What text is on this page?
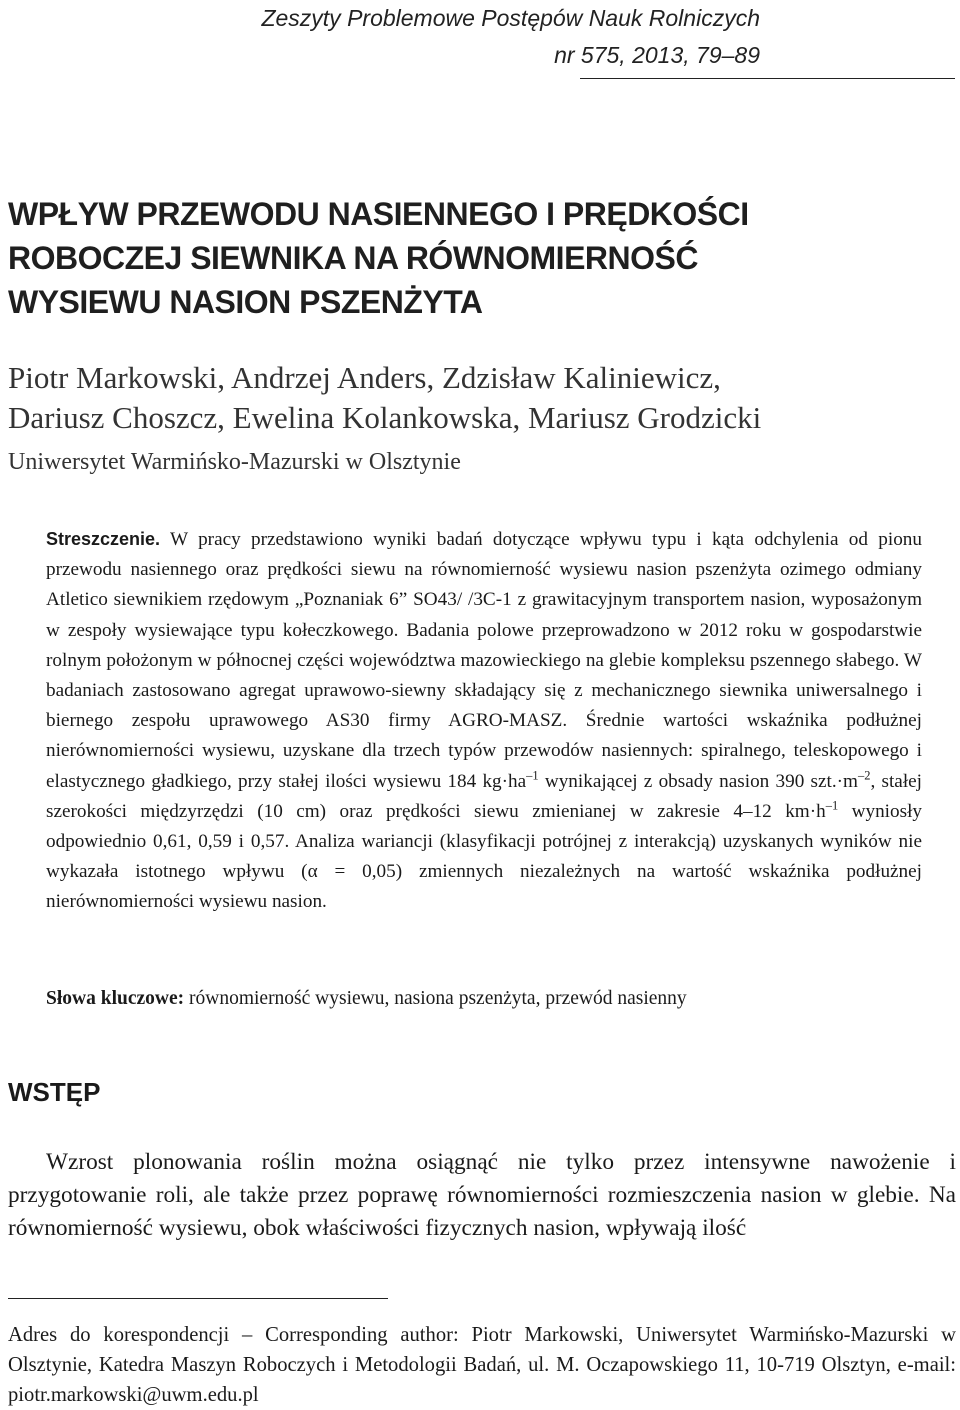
Zeszyty Problemowe Postępów Nauk Rolniczych
nr 575, 2013, 79–89
WPŁYW PRZEWODU NASIENNEGO I PRĘDKOŚCI
ROBOCZEJ SIEWNIKA NA RÓWNOMIERNOŚĆ
WYSIEWU NASION PSZENŻYTA
Piotr Markowski, Andrzej Anders, Zdzisław Kaliniewicz,
Dariusz Choszcz, Ewelina Kolankowska, Mariusz Grodzicki

Uniwersytet Warmińsko-Mazurski w Olsztynie

Streszczenie. W pracy przedstawiono wyniki badań dotyczące wpływu typu i kąta odchylenia od pionu przewodu nasiennego oraz prędkości siewu na równomierność wysiewu nasion pszenżyta ozimego odmiany Atletico siewnikiem rzędowym „Poznaniak 6” SO43/ /3C-1 z grawitacyjnym transportem nasion, wyposażonym w zespoły wysiewające typu kołeczkowego. Badania polowe przeprowadzono w 2012 roku w gospodarstwie rolnym położonym w północnej części województwa mazowieckiego na glebie kompleksu pszennego słabego. W badaniach zastosowano agregat uprawowo-siewny składający się z mechanicznego siewnika uniwersalnego i biernego zespołu uprawowego AS30 firmy AGRO-MASZ. Średnie wartości wskaźnika podłużnej nierównomierności wysiewu, uzyskane dla trzech typów przewodów nasiennych: spiralnego, teleskopowego i elastycznego gładkiego, przy stałej ilości wysiewu 184 $kg\cdot ha^{-1}$ wynikającej z obsady nasion 390 $szt.\cdot m^{-2}$, stałej szerokości międzyrzędzi (10 cm) oraz prędkości siewu zmienianej w zakresie 4–12 $km\cdot h^{-1}$ wyniosły odpowiednio 0,61, 0,59 i 0,57. Analiza wariancji (klasyfikacji potrójnej z interakcją) uzyskanych wyników nie wykazała istotnego wpływu (α = 0,05) zmiennych niezależnych na wartość wskaźnika podłużnej nierównomierności wysiewu nasion.

Słowa kluczowe: równomierność wysiewu, nasiona pszenżyta, przewód nasienny

WSTĘP

Wzrost plonowania roślin można osiągnąć nie tylko przez intensywne nawożenie i przygotowanie roli, ale także przez poprawę równomierności rozmieszczenia nasion w glebie. Na równomierność wysiewu, obok właściwości fizycznych nasion, wpływają ilość

Adres do korespondencji – Corresponding author: Piotr Markowski, Uniwersytet Warmińsko-Mazurski w Olsztynie, Katedra Maszyn Roboczych i Metodologii Badań, ul. M. Oczapowskiego 11, 10-719 Olsztyn, e-mail: piotr.markowski@uwm.edu.pl
